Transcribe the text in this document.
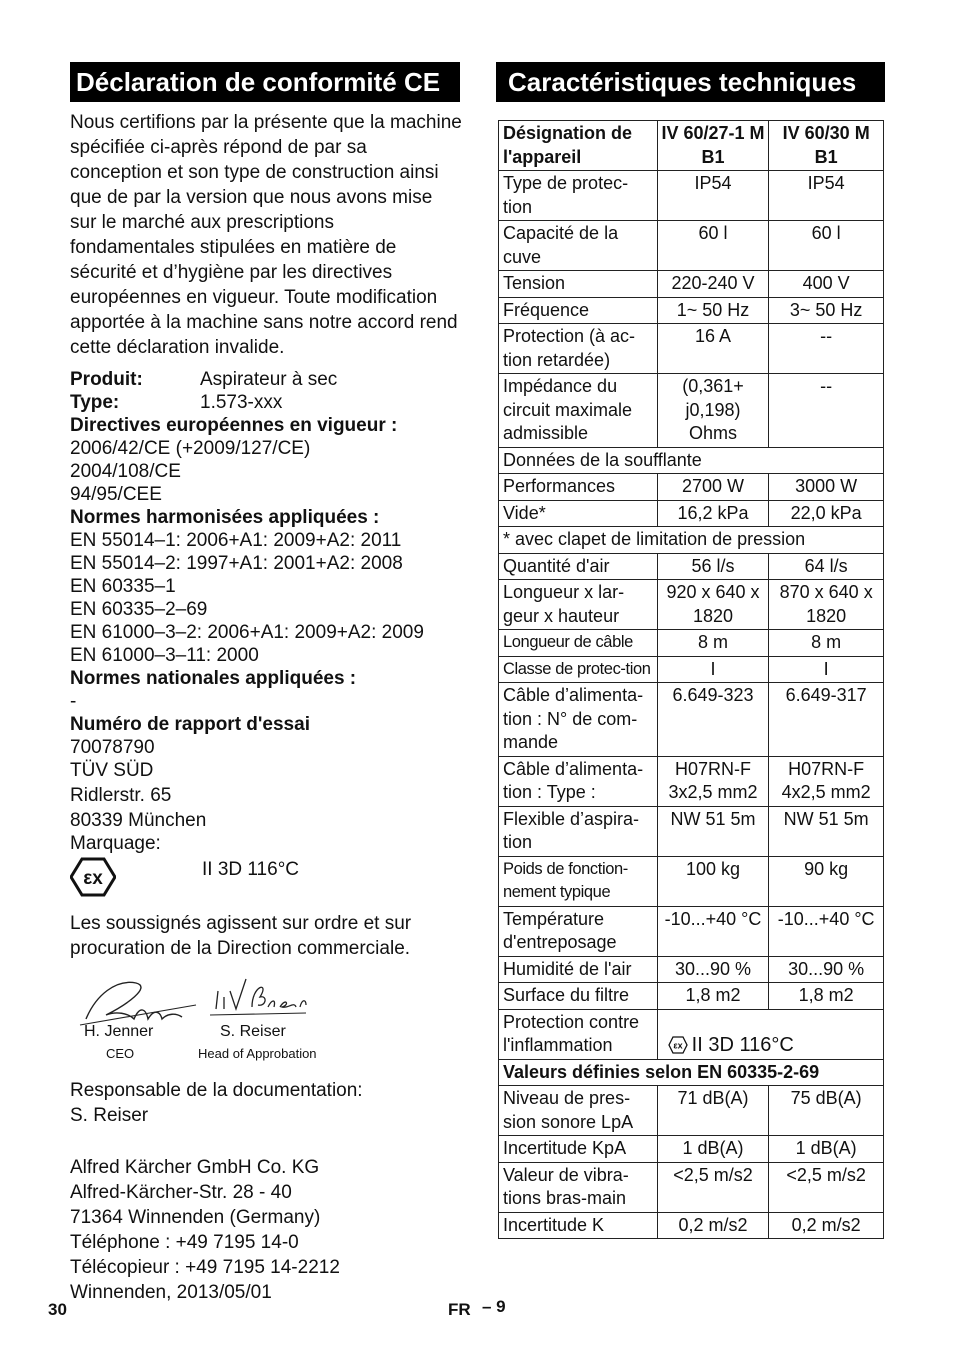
Déclaration de conformité CE	Caractéristiques techniques

Nous certifions par la présente que la machine spécifiée ci-après répond de par sa conception et son type de construction ainsi que de par la version que nous avons mise sur le marché aux prescriptions fondamentales stipulées en matière de sécurité et d’hygiène par les directives européennes en vigueur. Toute modification apportée à la machine sans notre accord rend cette déclaration invalide.

Produit:	Aspirateur à sec
Type:	1.573-xxx
Directives européennes en vigueur :
2006/42/CE (+2009/127/CE)
2004/108/CE
94/95/CEE
Normes harmonisées appliquées :
EN 55014–1: 2006+A1: 2009+A2: 2011
EN 55014–2: 1997+A1: 2001+A2: 2008
EN 60335–1
EN 60335–2–69
EN 61000–3–2: 2006+A1: 2009+A2: 2009
EN 61000–3–11: 2000
Normes nationales appliquées :
-
Numéro de rapport d'essai
70078790
TÜV SÜD
Ridlerstr. 65
80339 München
Marquage:
εx	II 3D 116°C

Les soussignés agissent sur ordre et sur procuration de la Direction commerciale.

H. Jenner
CEO
S. Reiser
Head of Approbation
Responsable de la documentation:
S. Reiser
Alfred Kärcher GmbH Co. KG
Alfred-Kärcher-Str. 28 - 40
71364 Winnenden (Germany)
Téléphone : +49 7195 14-0
Télécopieur : +49 7195 14-2212
Winnenden, 2013/05/01
Désignation de l'appareil	IV 60/27-1 M B1	IV 60/30 M B1
Type de protec-tion	IP54	IP54
Capacité de la cuve	60 l	60 l
Tension	220-240 V	400 V
Fréquence	1~ 50 Hz	3~ 50 Hz
Protection (à ac-tion retardée)	16 A	--
Impédance du circuit maximale admissible	(0,361+ j0,198) Ohms	--
Données de la soufflante		
Performances	2700 W	3000 W
Vide*	16,2 kPa	22,0 kPa
* avec clapet de limitation de pression		
Quantité d'air	56 l/s	64 l/s
Longueur x lar-geur x hauteur	920 x 640 x 1820	870 x 640 x 1820
Longueur de câble	8 m	8 m
Classe de protec-tion	I	I
Câble d’alimenta-tion : N° de com-mande	6.649-323	6.649-317
Câble d’alimenta-tion : Type :	H07RN-F 3x2,5 mm2	H07RN-F 4x2,5 mm2
Flexible d’aspira-tion	NW 51 5m	NW 51 5m
Poids de fonction-nement typique	100 kg	90 kg
Température d'entreposage	-10...+40 °C	-10...+40 °C
Humidité de l'air	30...90 %	30...90 %
Surface du filtre	1,8 m2	1,8 m2
Protection contre l'inflammation	εx II 3D 116°C	
Valeurs définies selon EN 60335-2-69		
Niveau de pres-sion sonore LpA	71 dB(A)	75 dB(A)
Incertitude KpA	1 dB(A)	1 dB(A)
Valeur de vibra-tions bras-main	<2,5 m/s2	<2,5 m/s2
Incertitude K	0,2 m/s2	0,2 m/s2
30	FR – 9
